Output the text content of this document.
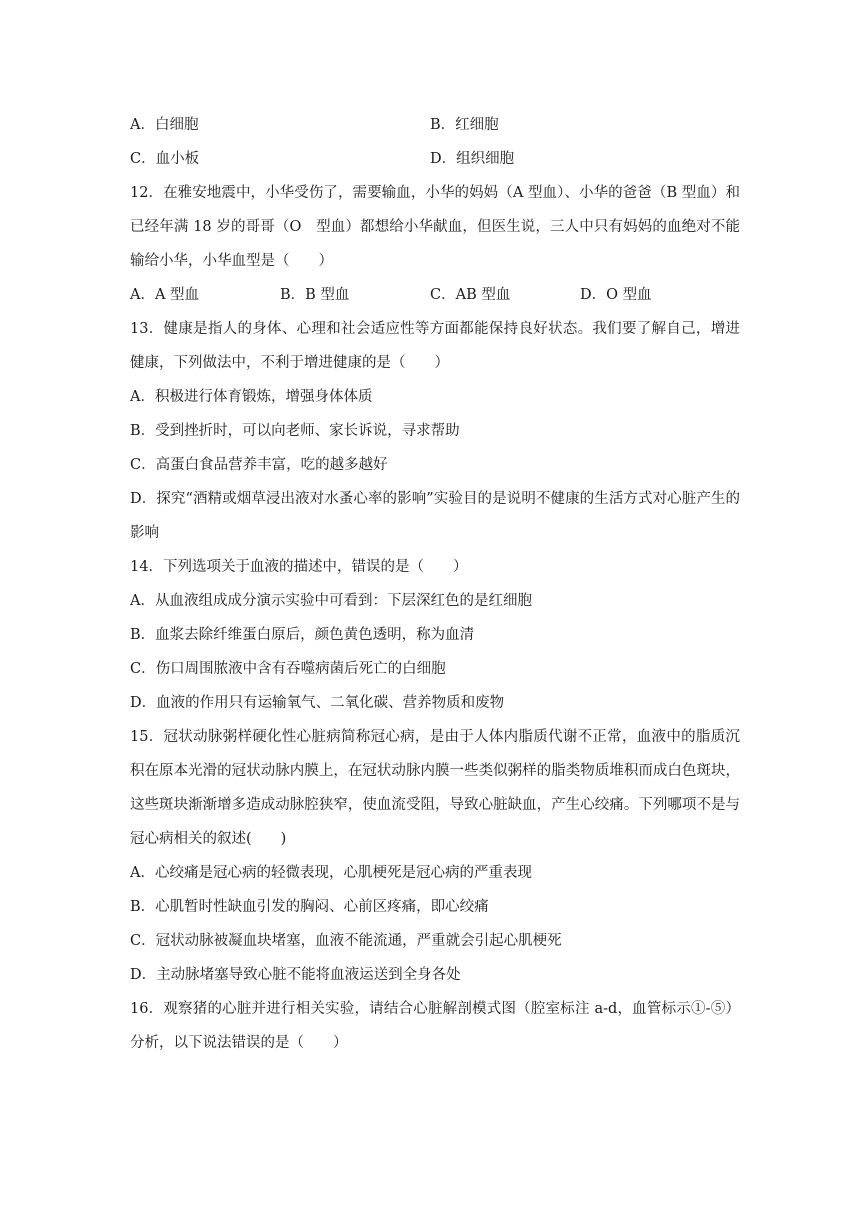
A．白细胞	B．红细胞
C．血小板	D．组织细胞
12．在雅安地震中，小华受伤了，需要输血，小华的妈妈（A 型血）、小华的爸爸（B 型血）和已经年满 18 岁的哥哥（O　型血）都想给小华献血，但医生说，三人中只有妈妈的血绝对不能输给小华，小华血型是（　　）
A．A 型血	B．B 型血	C．AB 型血	D．O 型血
13．健康是指人的身体、心理和社会适应性等方面都能保持良好状态。我们要了解自己，增进健康，下列做法中，不利于增进健康的是（　　）
A．积极进行体育锻炼，增强身体体质
B．受到挫折时，可以向老师、家长诉说，寻求帮助
C．高蛋白食品营养丰富，吃的越多越好
D．探究“酒精或烟草浸出液对水蚤心率的影响”实验目的是说明不健康的生活方式对心脏产生的影响
14．下列选项关于血液的描述中，错误的是（　　）
A．从血液组成成分演示实验中可看到：下层深红色的是红细胞
B．血浆去除纤维蛋白原后，颜色黄色透明，称为血清
C．伤口周围脓液中含有吞噬病菌后死亡的白细胞
D．血液的作用只有运输氧气、二氧化碳、营养物质和废物
15．冠状动脉粥样硬化性心脏病简称冠心病，是由于人体内脂质代谢不正常，血液中的脂质沉积在原本光滑的冠状动脉内膜上，在冠状动脉内膜一些类似粥样的脂类物质堆积而成白色斑块，这些斑块渐渐增多造成动脉腔狭窄，使血流受阻，导致心脏缺血，产生心绞痛。下列哪项不是与冠心病相关的叙述(　　)
A．心绞痛是冠心病的轻微表现，心肌梗死是冠心病的严重表现
B．心肌暂时性缺血引发的胸闷、心前区疼痛，即心绞痛
C．冠状动脉被凝血块堵塞，血液不能流通，严重就会引起心肌梗死
D．主动脉堵塞导致心脏不能将血液运送到全身各处
16．观察猪的心脏并进行相关实验，请结合心脏解剖模式图（腔室标注 a-d，血管标示①-⑤）分析，以下说法错误的是（　　）
